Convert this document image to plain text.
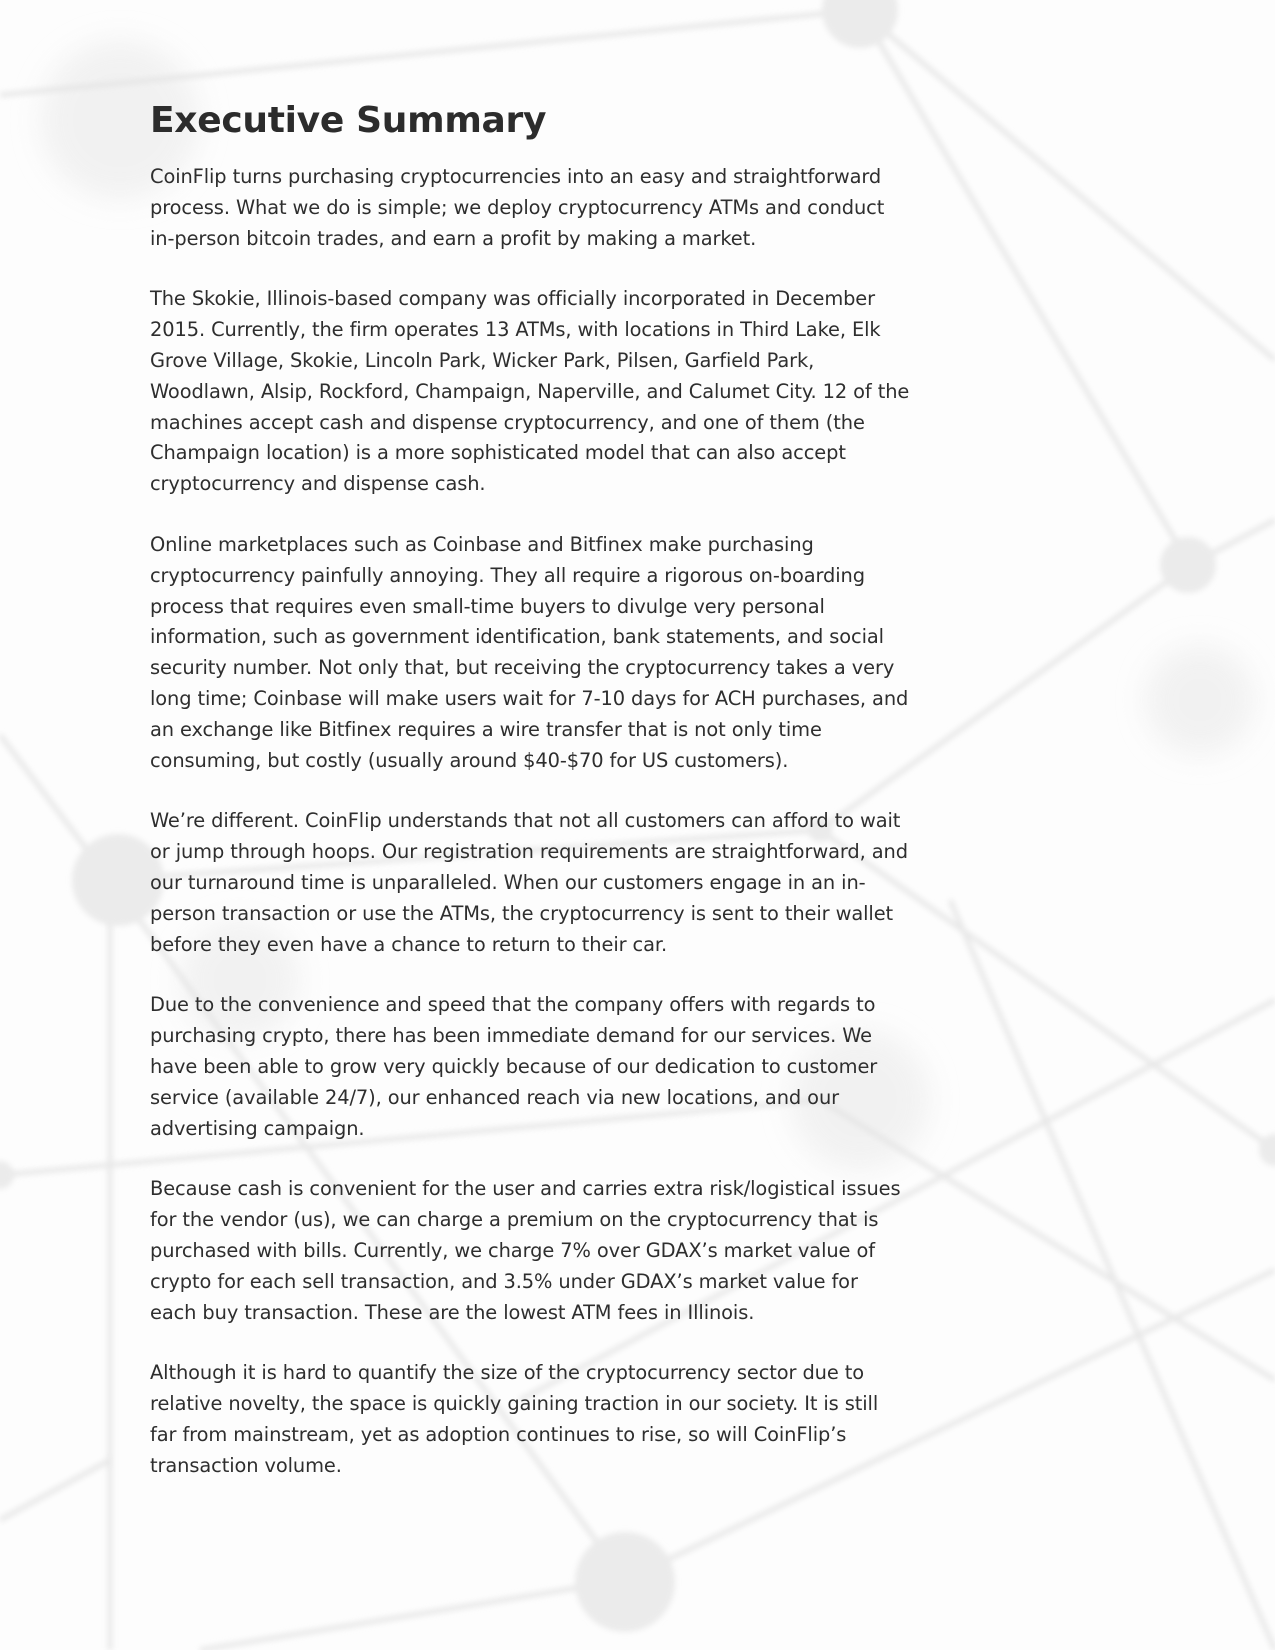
Executive Summary

CoinFlip turns purchasing cryptocurrencies into an easy and straightforward process. What we do is simple; we deploy cryptocurrency ATMs and conduct in-person bitcoin trades, and earn a profit by making a market.

The Skokie, Illinois-based company was officially incorporated in December 2015. Currently, the firm operates 13 ATMs, with locations in Third Lake, Elk Grove Village, Skokie, Lincoln Park, Wicker Park, Pilsen, Garfield Park, Woodlawn, Alsip, Rockford, Champaign, Naperville, and Calumet City. 12 of the machines accept cash and dispense cryptocurrency, and one of them (the Champaign location) is a more sophisticated model that can also accept cryptocurrency and dispense cash.

Online marketplaces such as Coinbase and Bitfinex make purchasing cryptocurrency painfully annoying. They all require a rigorous on-boarding process that requires even small-time buyers to divulge very personal information, such as government identification, bank statements, and social security number. Not only that, but receiving the cryptocurrency takes a very long time; Coinbase will make users wait for 7-10 days for ACH purchases, and an exchange like Bitfinex requires a wire transfer that is not only time consuming, but costly (usually around $40-$70 for US customers).

We’re different. CoinFlip understands that not all customers can afford to wait or jump through hoops. Our registration requirements are straightforward, and our turnaround time is unparalleled. When our customers engage in an in-person transaction or use the ATMs, the cryptocurrency is sent to their wallet before they even have a chance to return to their car.

Due to the convenience and speed that the company offers with regards to purchasing crypto, there has been immediate demand for our services. We have been able to grow very quickly because of our dedication to customer service (available 24/7), our enhanced reach via new locations, and our advertising campaign.

Because cash is convenient for the user and carries extra risk/logistical issues for the vendor (us), we can charge a premium on the cryptocurrency that is purchased with bills. Currently, we charge 7% over GDAX’s market value of crypto for each sell transaction, and 3.5% under GDAX’s market value for each buy transaction. These are the lowest ATM fees in Illinois.

Although it is hard to quantify the size of the cryptocurrency sector due to relative novelty, the space is quickly gaining traction in our society. It is still far from mainstream, yet as adoption continues to rise, so will CoinFlip’s transaction volume.
